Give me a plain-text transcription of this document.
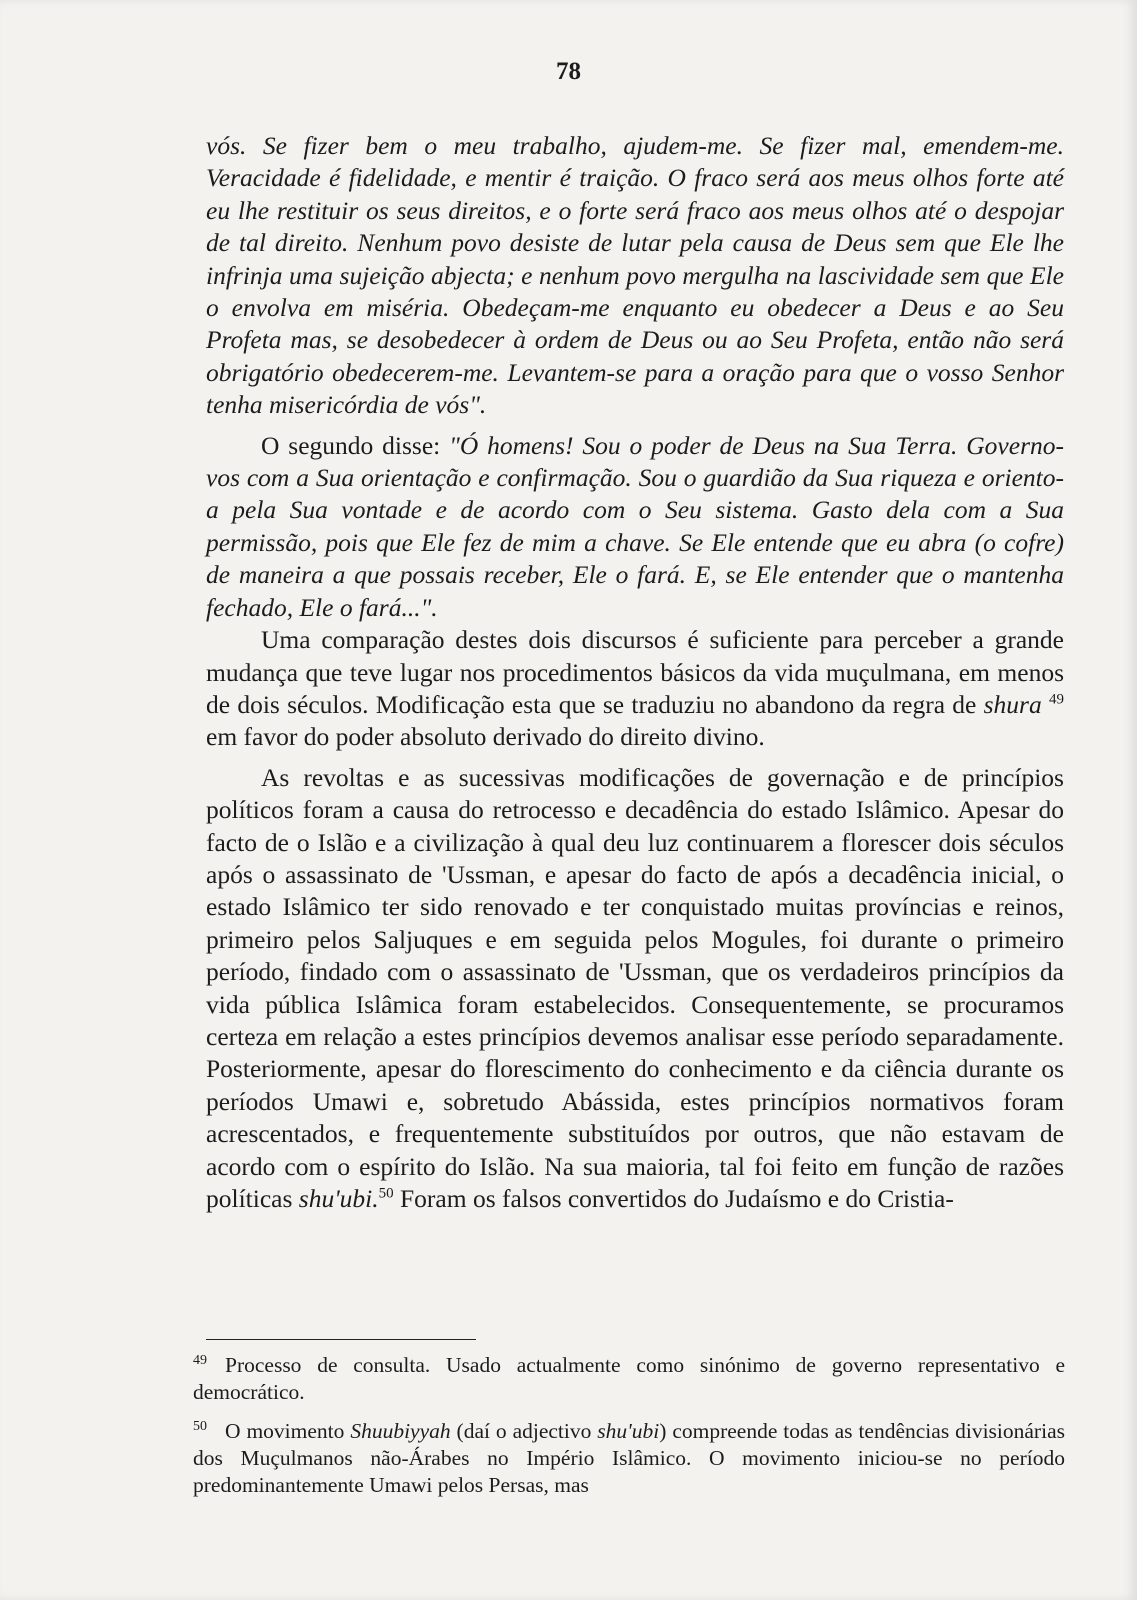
78

vós. Se fizer bem o meu trabalho, ajudem-me. Se fizer mal, emendem-me. Veracidade é fidelidade, e mentir é traição. O fraco será aos meus olhos forte até eu lhe restituir os seus direitos, e o forte será fraco aos meus olhos até o despojar de tal direito. Nenhum povo desiste de lutar pela causa de Deus sem que Ele lhe infrinja uma sujeição abjecta; e nenhum povo mergulha na lascividade sem que Ele o envolva em miséria. Obedeçam-me enquanto eu obedecer a Deus e ao Seu Profeta mas, se desobedecer à ordem de Deus ou ao Seu Profeta, então não será obrigatório obedecerem-me. Levantem-se para a oração para que o vosso Senhor tenha misericórdia de vós".

O segundo disse: "Ó homens! Sou o poder de Deus na Sua Terra. Governo-vos com a Sua orientação e confirmação. Sou o guardião da Sua riqueza e oriento-a pela Sua vontade e de acordo com o Seu sistema. Gasto dela com a Sua permissão, pois que Ele fez de mim a chave. Se Ele entende que eu abra (o cofre) de maneira a que possais receber, Ele o fará. E, se Ele entender que o mantenha fechado, Ele o fará...".

Uma comparação destes dois discursos é suficiente para perceber a grande mudança que teve lugar nos procedimentos básicos da vida muçulmana, em menos de dois séculos. Modificação esta que se traduziu no abandono da regra de shura $^{49}$ em favor do poder absoluto derivado do direito divino.

As revoltas e as sucessivas modificações de governação e de princípios políticos foram a causa do retrocesso e decadência do estado Islâmico. Apesar do facto de o Islão e a civilização à qual deu luz continuarem a florescer dois séculos após o assassinato de 'Ussman, e apesar do facto de após a decadência inicial, o estado Islâmico ter sido renovado e ter conquistado muitas províncias e reinos, primeiro pelos Saljuques e em seguida pelos Mogules, foi durante o primeiro período, findado com o assassinato de 'Ussman, que os verdadeiros princípios da vida pública Islâmica foram estabelecidos. Consequentemente, se procuramos certeza em relação a estes princípios devemos analisar esse período separadamente. Posteriormente, apesar do florescimento do conhecimento e da ciência durante os períodos Umawi e, sobretudo Abássida, estes princípios normativos foram acrescentados, e frequentemente substituídos por outros, que não estavam de acordo com o espírito do Islão. Na sua maioria, tal foi feito em função de razões políticas shu'ubi.$^{50}$ Foram os falsos convertidos do Judaísmo e do Cristia-

$^{49}$ Processo de consulta. Usado actualmente como sinónimo de governo representativo e democrático.

$^{50}$ O movimento Shuubiyyah (daí o adjectivo shu'ubi) compreende todas as tendências divisionárias dos Muçulmanos não-Árabes no Império Islâmico. O movimento iniciou-se no período predominantemente Umawi pelos Persas, mas
